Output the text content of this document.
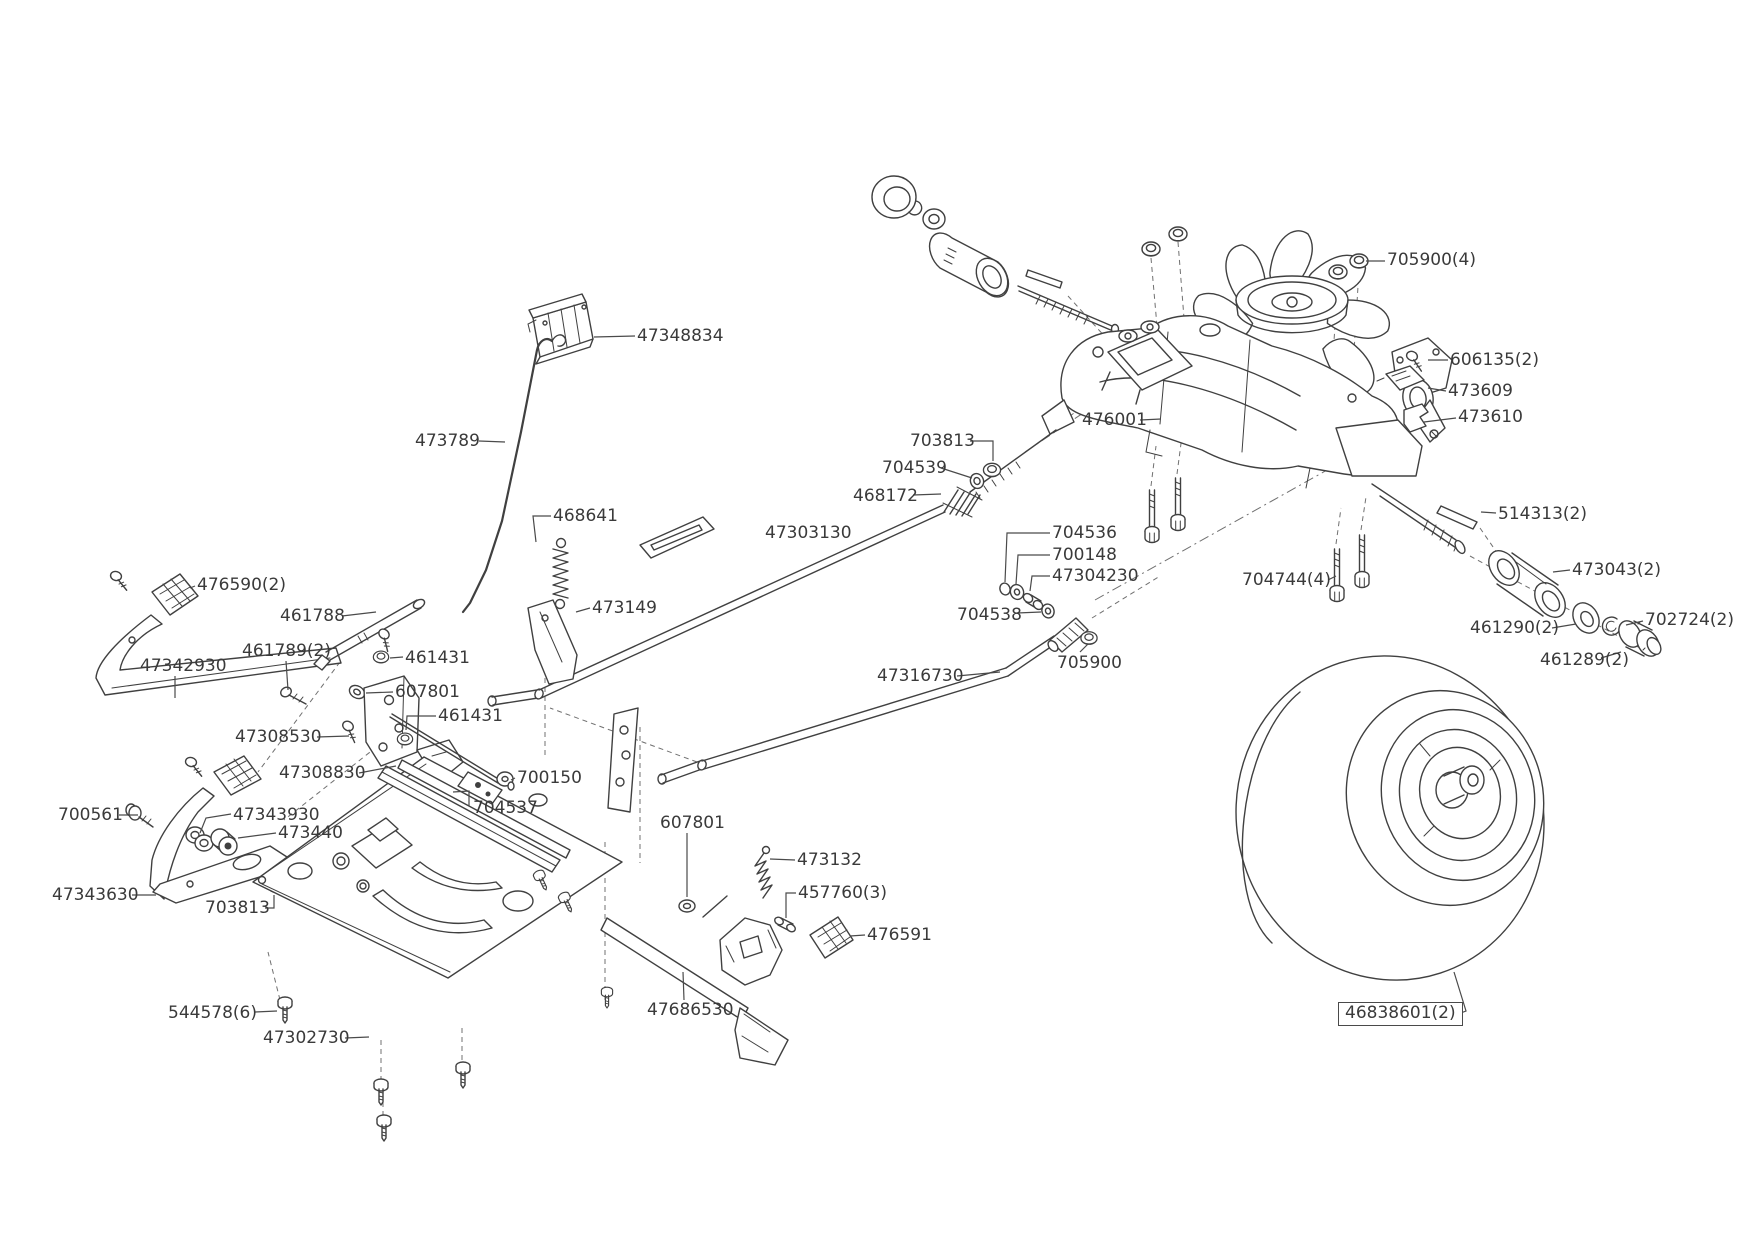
47348834
473789
468641
473149
476590(2)
461788
461789(2)
47342930	461431
607801
461431
47308530
47308830	700150
704537
700561	47343930
473440
47343630
703813
544578(6)
47302730
607801
473132
457760(3)
476591
47686530
47303130
703813
704539
468172
704536
700148
47304230
704538
705900
47316730
476001
705900(4)
606135(2)
473609
473610
514313(2)
704744(4)	473043(2)
461290(2)	702724(2)
461289(2)
46838601(2)
